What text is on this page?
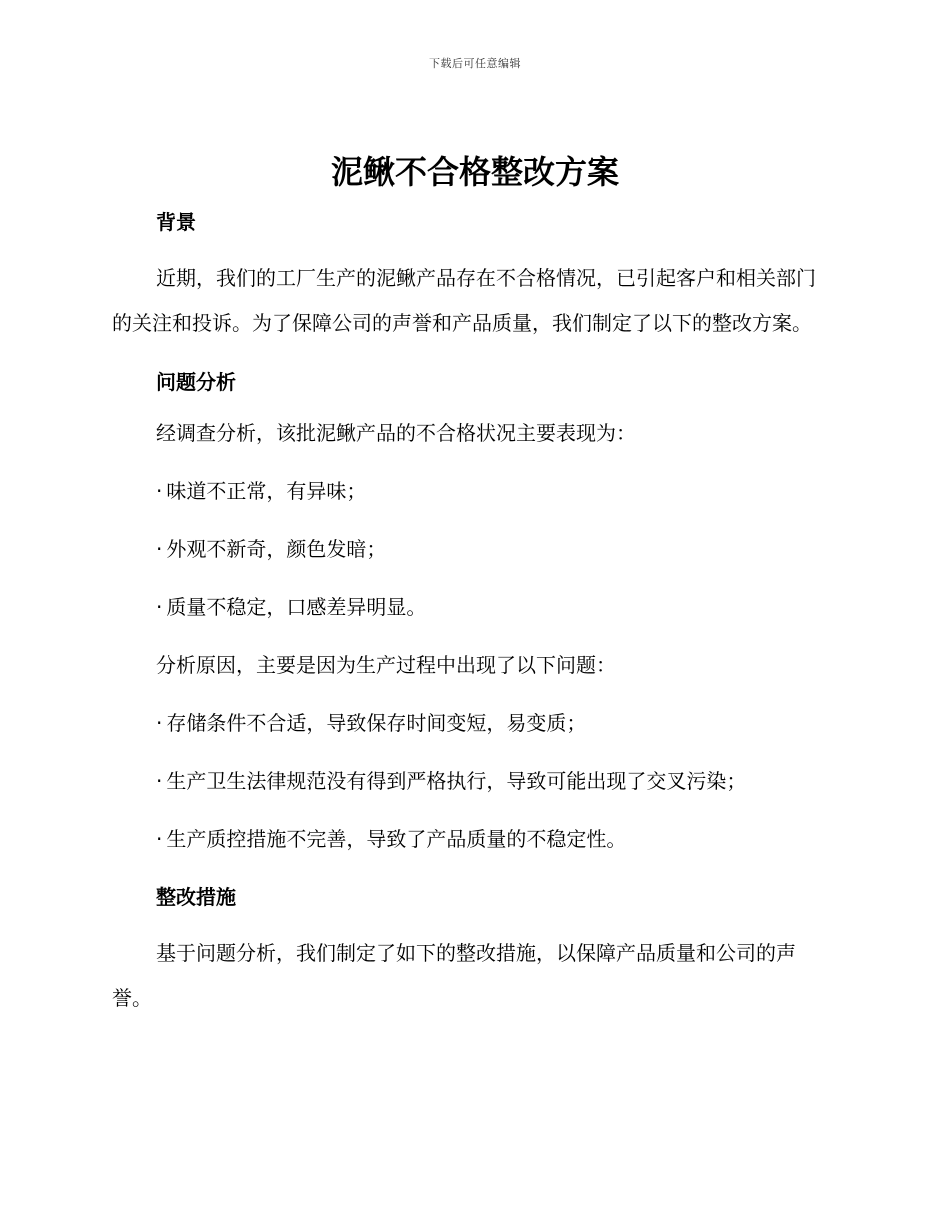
下载后可任意编辑
泥鳅不合格整改方案
背景

近期，我们的工厂生产的泥鳅产品存在不合格情况，已引起客户和相关部门的关注和投诉。为了保障公司的声誉和产品质量，我们制定了以下的整改方案。

问题分析

经调查分析，该批泥鳅产品的不合格状况主要表现为：

· 味道不正常，有异味；

· 外观不新奇，颜色发暗；

· 质量不稳定，口感差异明显。

分析原因，主要是因为生产过程中出现了以下问题：

· 存储条件不合适，导致保存时间变短，易变质；

· 生产卫生法律规范没有得到严格执行，导致可能出现了交叉污染；

· 生产质控措施不完善，导致了产品质量的不稳定性。

整改措施

基于问题分析，我们制定了如下的整改措施，以保障产品质量和公司的声誉。
